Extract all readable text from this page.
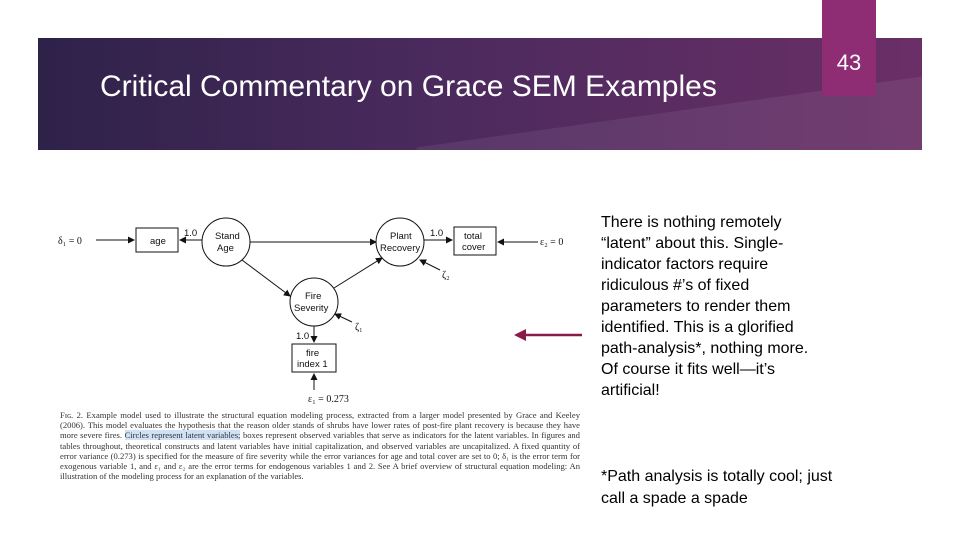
Critical Commentary on Grace SEM Examples
43
δ₁ = 0	age
1.0 Stand
Age
Plant
Recovery
1.0 total
cover	ε₂ = 0
ζ₂
Fire
Severity
ζ₁
1.0
fire
index 1
ε₁ = 0.273
Fɪɢ. 2. Example model used to illustrate the structural equation modeling process, extracted from a larger model presented by Grace and Keeley (2006). This model evaluates the hypothesis that the reason older stands of shrubs have lower rates of post-fire plant recovery is because they have more severe fires. Circles represent latent variables; boxes represent observed variables that serve as indicators for the latent variables. In figures and tables throughout, theoretical constructs and latent variables have initial capitalization, and observed variables are uncapitalized. A fixed quantity of error variance (0.273) is specified for the measure of fire severity while the error variances for age and total cover are set to 0; δ₁ is the error term for exogenous variable 1, and ε₁ and ε₂ are the error terms for endogenous variables 1 and 2. See A brief overview of structural equation modeling: An illustration of the modeling process for an explanation of the variables.
There is nothing remotely “latent” about this. Single-indicator factors require ridiculous #’s of fixed parameters to render them identified. This is a glorified path-analysis*, nothing more. Of course it fits well—it’s artificial!
*Path analysis is totally cool; just call a spade a spade
